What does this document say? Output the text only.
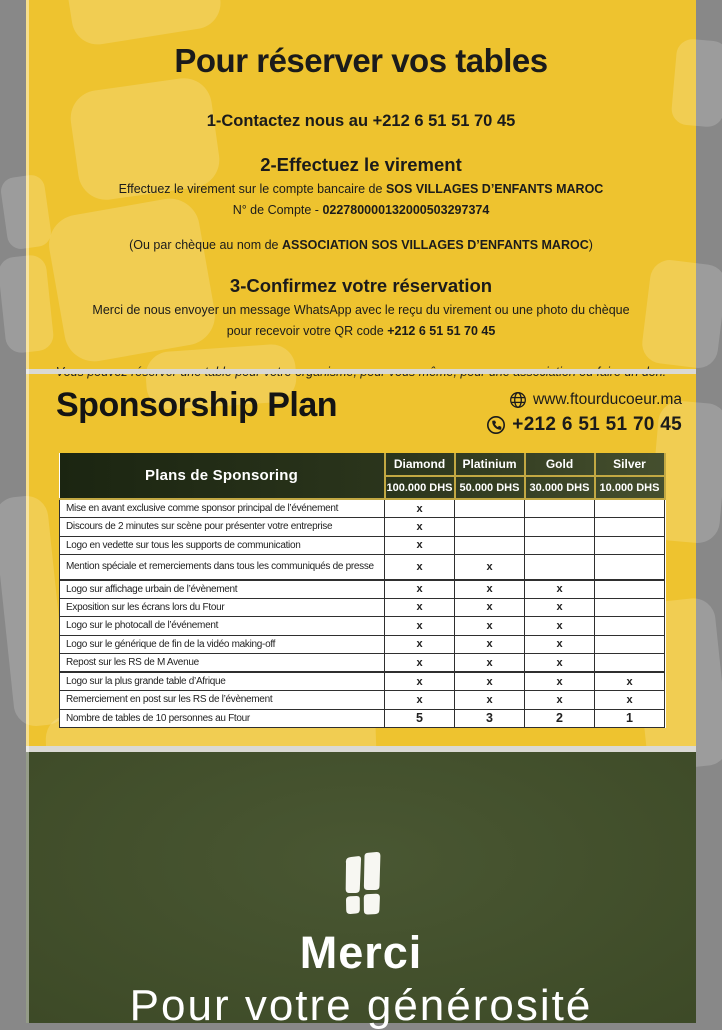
Pour réserver vos tables

1-Contactez nous au +212 6 51 51 70 45

2-Effectuez le virement

Effectuez le virement sur le compte bancaire de SOS VILLAGES D’ENFANTS MAROC

N° de Compte - 022780000132000503297374

(Ou par chèque au nom de ASSOCIATION SOS VILLAGES D’ENFANTS MAROC)

3-Confirmez votre réservation

Merci de nous envoyer un message WhatsApp avec le reçu du virement ou une photo du chèque

pour recevoir votre QR code +212 6 51 51 70 45

Sponsorship Plan	www.ftourducoeur.ma
+212 6 51 51 70 45
Plans de Sponsoring	Diamond	Platinium	Gold	Silver
	100.000 DHS	50.000 DHS	30.000 DHS	10.000 DHS
Mise en avant exclusive comme sponsor principal de l’événement	x			
Discours de 2 minutes sur scène pour présenter votre entreprise	x			
Logo en vedette sur tous les supports de communication	x			
Mention spéciale et remerciements dans tous les communiqués de presse	x	x		
Logo sur affichage urbain de l’évènement	x	x	x	
Exposition sur les écrans lors du Ftour	x	x	x	
Logo sur le photocall de l’événement	x	x	x	
Logo sur le générique de fin de la vidéo making-off	x	x	x	
Repost sur les RS de M Avenue	x	x	x	
Logo sur la plus grande table d’Afrique	x	x	x	x
Remerciement en post sur les RS de l’évènement	x	x	x	x
Nombre de tables de 10 personnes au Ftour	5	3	2	1
Merci
Pour votre générosité
